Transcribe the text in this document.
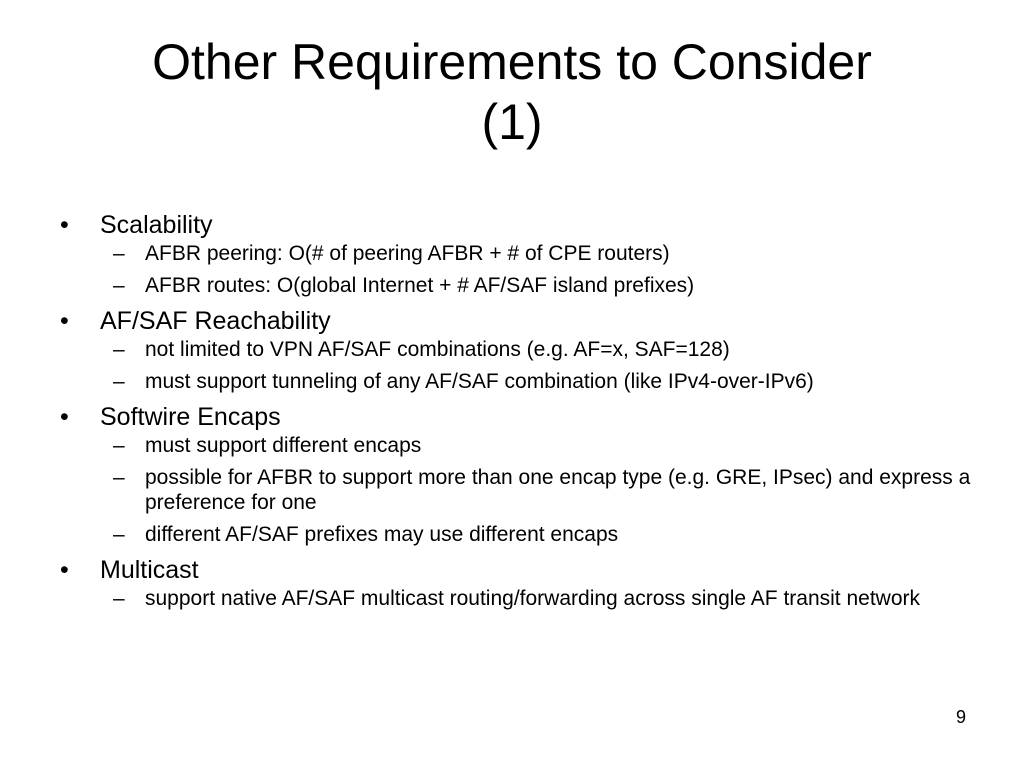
Other Requirements to Consider
(1)
•	Scalability
– AFBR peering: O(# of peering AFBR + # of CPE routers)
– AFBR routes: O(global Internet + # AF/SAF island prefixes)
•	AF/SAF Reachability
– not limited to VPN AF/SAF combinations (e.g. AF=x, SAF=128)
– must support tunneling of any AF/SAF combination (like IPv4-over-IPv6)
•	Softwire Encaps
– must support different encaps
– possible for AFBR to support more than one encap type (e.g. GRE, IPsec) and express a preference for one
– different AF/SAF prefixes may use different encaps
•	Multicast
– support native AF/SAF multicast routing/forwarding across single AF transit network
9
